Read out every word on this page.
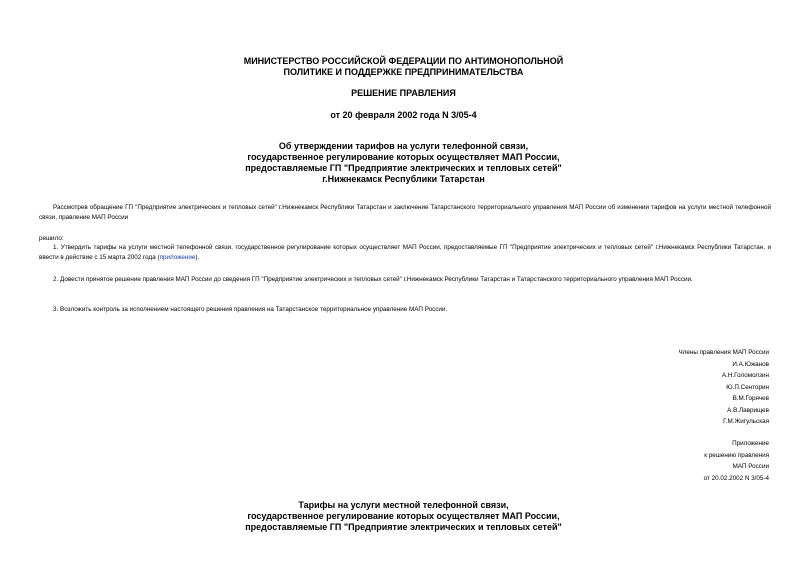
МИНИСТЕРСТВО РОССИЙСКОЙ ФЕДЕРАЦИИ ПО АНТИМОНОПОЛЬНОЙ
ПОЛИТИКЕ И ПОДДЕРЖКЕ ПРЕДПРИНИМАТЕЛЬСТВА
РЕШЕНИЕ ПРАВЛЕНИЯ
от 20 февраля 2002 года N 3/05-4
Об утверждении тарифов на услуги телефонной связи,
государственное регулирование которых осуществляет МАП России,
предоставляемые ГП "Предприятие электрических и тепловых сетей"
г.Нижнекамск Республики Татарстан
Рассмотрев обращение ГП "Предприятие электрических и тепловых сетей" г.Нижнекамск Республики Татарстан и заключение Татарстанского территориального управления МАП России об изменении тарифов на услуги местной телефонной связи, правление МАП России
решило:
1. Утвердить тарифы на услуги местной телефонной связи, государственное регулирование которых осуществляет МАП России, предоставляемые ГП "Предприятие электрических и тепловых сетей" г.Нижнекамск Республики Татарстан, и ввести в действие с 15 марта 2002 года (приложение).
2. Довести принятое решение правления МАП России до сведения ГП "Предприятие электрических и тепловых сетей" г.Нижнекамск Республики Татарстан и Татарстанского территориального управления МАП России.
3. Возложить контроль за исполнением настоящего решения правления на Татарстанское территориальное управление МАП России.
Члены правления МАП России
И.А.Южанов
А.Н.Голомолзин
Ю.П.Сенторин
В.М.Горячев
А.В.Лаврищев
Г.М.Жигульская
Приложение
к решению правления
МАП России
от 20.02.2002 N 3/05-4
Тарифы на услуги местной телефонной связи,
государственное регулирование которых осуществляет МАП России,
предоставляемые ГП "Предприятие электрических и тепловых сетей"
